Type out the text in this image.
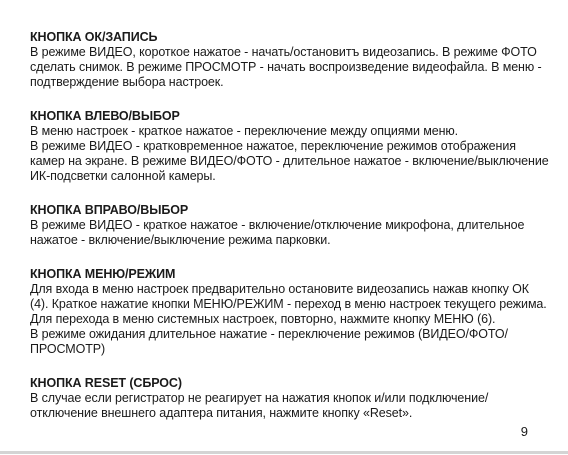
КНОПКА ОК/ЗАПИСЬ

В режиме ВИДЕО, короткое нажатое - начать/остановитъ видеозапись. В режиме ФОТО сделать снимок. В режиме ПРОСМОТР - начать воспроизведение видеофайла. В меню - подтверждение выбора настроек.

КНОПКА ВЛЕВО/ВЫБОР

В меню настроек - краткое нажатое - переключение между опциями меню.

В режиме ВИДЕО - кратковременное нажатое, переключение режимов отображения камер на экране. В режиме ВИДЕО/ФОТО - длительное нажатое - включение/выключение ИК-подсветки салонной камеры.

КНОПКА ВПРАВО/ВЫБОР

В режиме ВИДЕО - краткое нажатое - включение/отключение микрофона, длительное нажатое - включение/выключение режима парковки.

КНОПКА МЕНЮ/РЕЖИМ

Для входа в меню настроек предварительно остановите видеозапись нажав кнопку ОК (4). Краткое нажатие кнопки МЕНЮ/РЕЖИМ - переход в меню настроек текущего режима. Для перехода в меню системных настроек, повторно, нажмите кнопку МЕНЮ (6).

В режиме ожидания длительное нажатие - переключение режимов (ВИДЕО/ФОТО/ПРОСМОТР)

КНОПКА RESET (СБРОС)

В случае если регистратор не реагирует на нажатия кнопок и/или подключение/отключение внешнего адаптера питания, нажмите кнопку «Reset».

9
